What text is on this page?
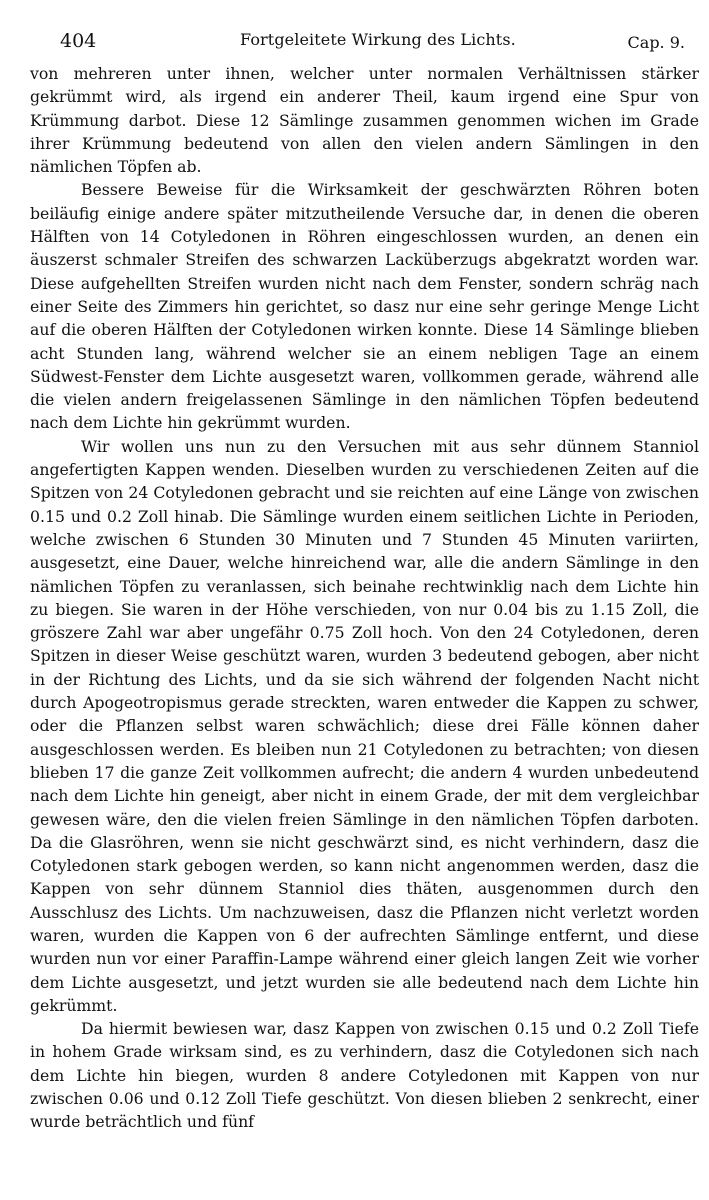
404	Fortgeleitete Wirkung des Lichts.	Cap. 9.

von mehreren unter ihnen, welcher unter normalen Verhältnissen stärker gekrümmt wird, als irgend ein anderer Theil, kaum irgend eine Spur von Krümmung darbot. Diese 12 Sämlinge zusammen genommen wichen im Grade ihrer Krümmung bedeutend von allen den vielen andern Sämlingen in den nämlichen Töpfen ab.

Bessere Beweise für die Wirksamkeit der geschwärzten Röhren boten beiläufig einige andere später mitzutheilende Versuche dar, in denen die oberen Hälften von 14 Cotyledonen in Röhren eingeschlossen wurden, an denen ein äuszerst schmaler Streifen des schwarzen Lacküberzugs abgekratzt worden war. Diese aufgehellten Streifen wurden nicht nach dem Fenster, sondern schräg nach einer Seite des Zimmers hin gerichtet, so dasz nur eine sehr geringe Menge Licht auf die oberen Hälften der Cotyledonen wirken konnte. Diese 14 Sämlinge blieben acht Stunden lang, während welcher sie an einem nebligen Tage an einem Südwest-Fenster dem Lichte ausgesetzt waren, vollkommen gerade, während alle die vielen andern freigelassenen Sämlinge in den nämlichen Töpfen bedeutend nach dem Lichte hin gekrümmt wurden.

Wir wollen uns nun zu den Versuchen mit aus sehr dünnem Stanniol angefertigten Kappen wenden. Dieselben wurden zu verschiedenen Zeiten auf die Spitzen von 24 Cotyledonen gebracht und sie reichten auf eine Länge von zwischen 0.15 und 0.2 Zoll hinab. Die Sämlinge wurden einem seitlichen Lichte in Perioden, welche zwischen 6 Stunden 30 Minuten und 7 Stunden 45 Minuten variirten, ausgesetzt, eine Dauer, welche hinreichend war, alle die andern Sämlinge in den nämlichen Töpfen zu veranlassen, sich beinahe rechtwinklig nach dem Lichte hin zu biegen. Sie waren in der Höhe verschieden, von nur 0.04 bis zu 1.15 Zoll, die gröszere Zahl war aber ungefähr 0.75 Zoll hoch. Von den 24 Cotyledonen, deren Spitzen in dieser Weise geschützt waren, wurden 3 bedeutend gebogen, aber nicht in der Richtung des Lichts, und da sie sich während der folgenden Nacht nicht durch Apogeotropismus gerade streckten, waren entweder die Kappen zu schwer, oder die Pflanzen selbst waren schwächlich; diese drei Fälle können daher ausgeschlossen werden. Es bleiben nun 21 Cotyledonen zu betrachten; von diesen blieben 17 die ganze Zeit vollkommen aufrecht; die andern 4 wurden unbedeutend nach dem Lichte hin geneigt, aber nicht in einem Grade, der mit dem vergleichbar gewesen wäre, den die vielen freien Sämlinge in den nämlichen Töpfen darboten. Da die Glasröhren, wenn sie nicht geschwärzt sind, es nicht verhindern, dasz die Cotyledonen stark gebogen werden, so kann nicht angenommen werden, dasz die Kappen von sehr dünnem Stanniol dies thäten, ausgenommen durch den Ausschlusz des Lichts. Um nachzuweisen, dasz die Pflanzen nicht verletzt worden waren, wurden die Kappen von 6 der aufrechten Sämlinge entfernt, und diese wurden nun vor einer Paraffin-Lampe während einer gleich langen Zeit wie vorher dem Lichte ausgesetzt, und jetzt wurden sie alle bedeutend nach dem Lichte hin gekrümmt.

Da hiermit bewiesen war, dasz Kappen von zwischen 0.15 und 0.2 Zoll Tiefe in hohem Grade wirksam sind, es zu verhindern, dasz die Cotyledonen sich nach dem Lichte hin biegen, wurden 8 andere Cotyledonen mit Kappen von nur zwischen 0.06 und 0.12 Zoll Tiefe geschützt. Von diesen blieben 2 senkrecht, einer wurde beträchtlich und fünf
